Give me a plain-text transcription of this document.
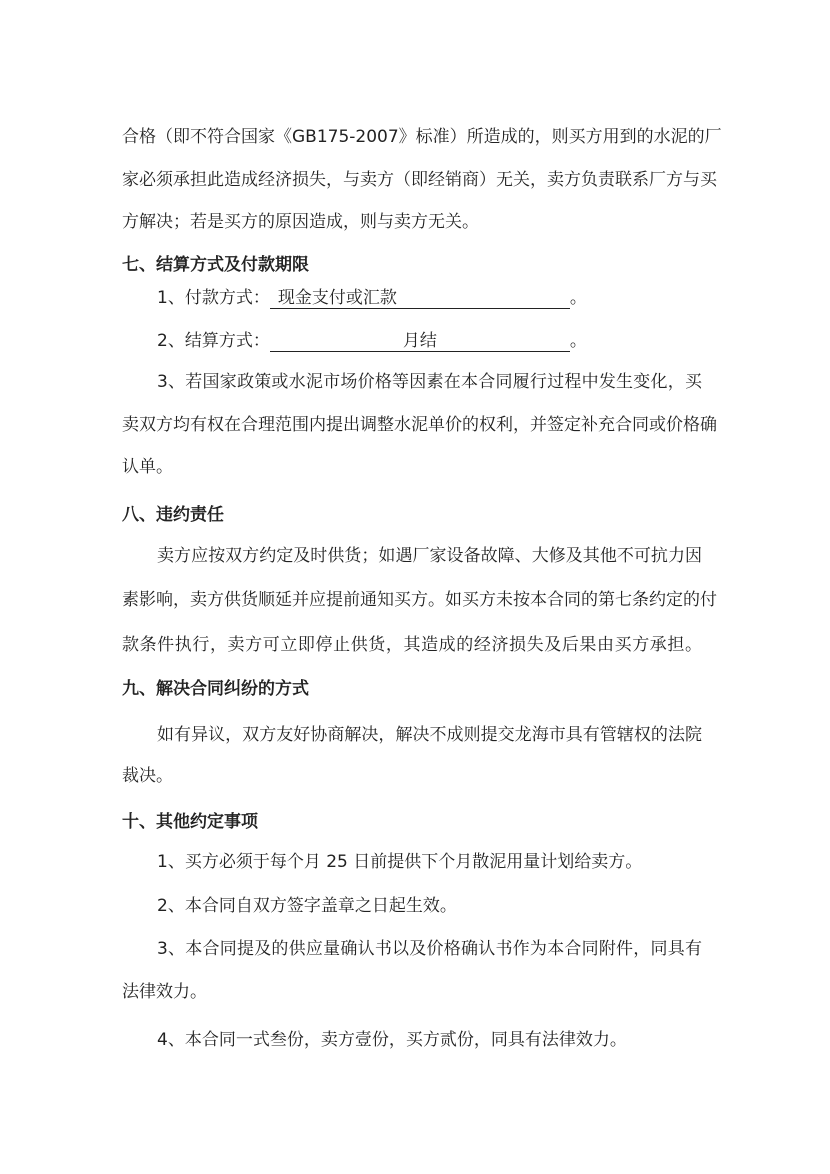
合格（即不符合国家《GB175-2007》标准）所造成的，则买方用到的水泥的厂
家必须承担此造成经济损失，与卖方（即经销商）无关，卖方负责联系厂方与买
方解决；若是买方的原因造成，则与卖方无关。
七、结算方式及付款期限
1、付款方式： 现金支付或汇款	。
2、结算方式：	月结	。
3、若国家政策或水泥市场价格等因素在本合同履行过程中发生变化，买
卖双方均有权在合理范围内提出调整水泥单价的权利，并签定补充合同或价格确
认单。
八、违约责任
卖方应按双方约定及时供货；如遇厂家设备故障、大修及其他不可抗力因
素影响，卖方供货顺延并应提前通知买方。如买方未按本合同的第七条约定的付
款条件执行，卖方可立即停止供货，其造成的经济损失及后果由买方承担。
九、解决合同纠纷的方式
如有异议，双方友好协商解决，解决不成则提交龙海市具有管辖权的法院
裁决。
十、其他约定事项
1、买方必须于每个月 25 日前提供下个月散泥用量计划给卖方。
2、本合同自双方签字盖章之日起生效。
3、本合同提及的供应量确认书以及价格确认书作为本合同附件，同具有
法律效力。
4、本合同一式叁份，卖方壹份，买方贰份，同具有法律效力。
